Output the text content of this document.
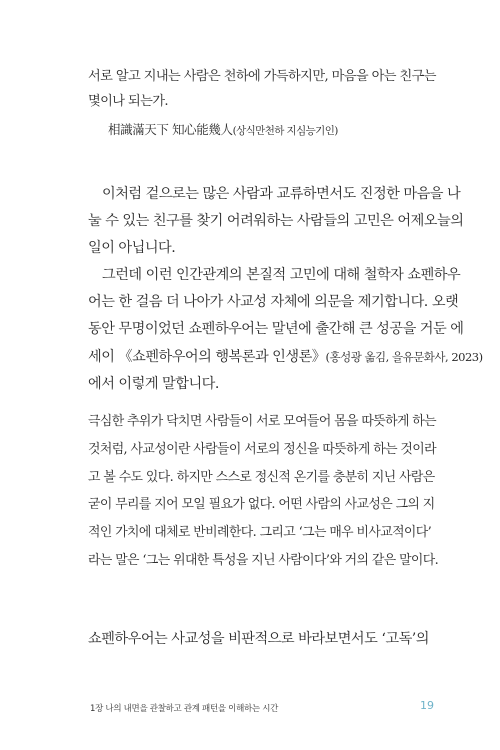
서로 알고 지내는 사람은 천하에 가득하지만, 마음을 아는 친구는
몇이나 되는가.
相識滿天下 知心能幾人(상식만천하 지심능기인)
이처럼 겉으로는 많은 사람과 교류하면서도 진정한 마음을 나
눌 수 있는 친구를 찾기 어려워하는 사람들의 고민은 어제오늘의
일이 아닙니다.
그런데 이런 인간관계의 본질적 고민에 대해 철학자 쇼펜하우
어는 한 걸음 더 나아가 사교성 자체에 의문을 제기합니다. 오랫
동안 무명이었던 쇼펜하우어는 말년에 출간해 큰 성공을 거둔 에
세이 《쇼펜하우어의 행복론과 인생론》(홍성광 옮김, 을유문화사, 2023)
에서 이렇게 말합니다.
극심한 추위가 닥치면 사람들이 서로 모여들어 몸을 따뜻하게 하는
것처럼, 사교성이란 사람들이 서로의 정신을 따뜻하게 하는 것이라
고 볼 수도 있다. 하지만 스스로 정신적 온기를 충분히 지닌 사람은
굳이 무리를 지어 모일 필요가 없다. 어떤 사람의 사교성은 그의 지
적인 가치에 대체로 반비례한다. 그리고 ‘그는 매우 비사교적이다’
라는 말은 ‘그는 위대한 특성을 지닌 사람이다’와 거의 같은 말이다.
쇼펜하우어는 사교성을 비판적으로 바라보면서도 ‘고독’의
1장 나의 내면을 관찰하고 관계 패턴을 이해하는 시간	19
